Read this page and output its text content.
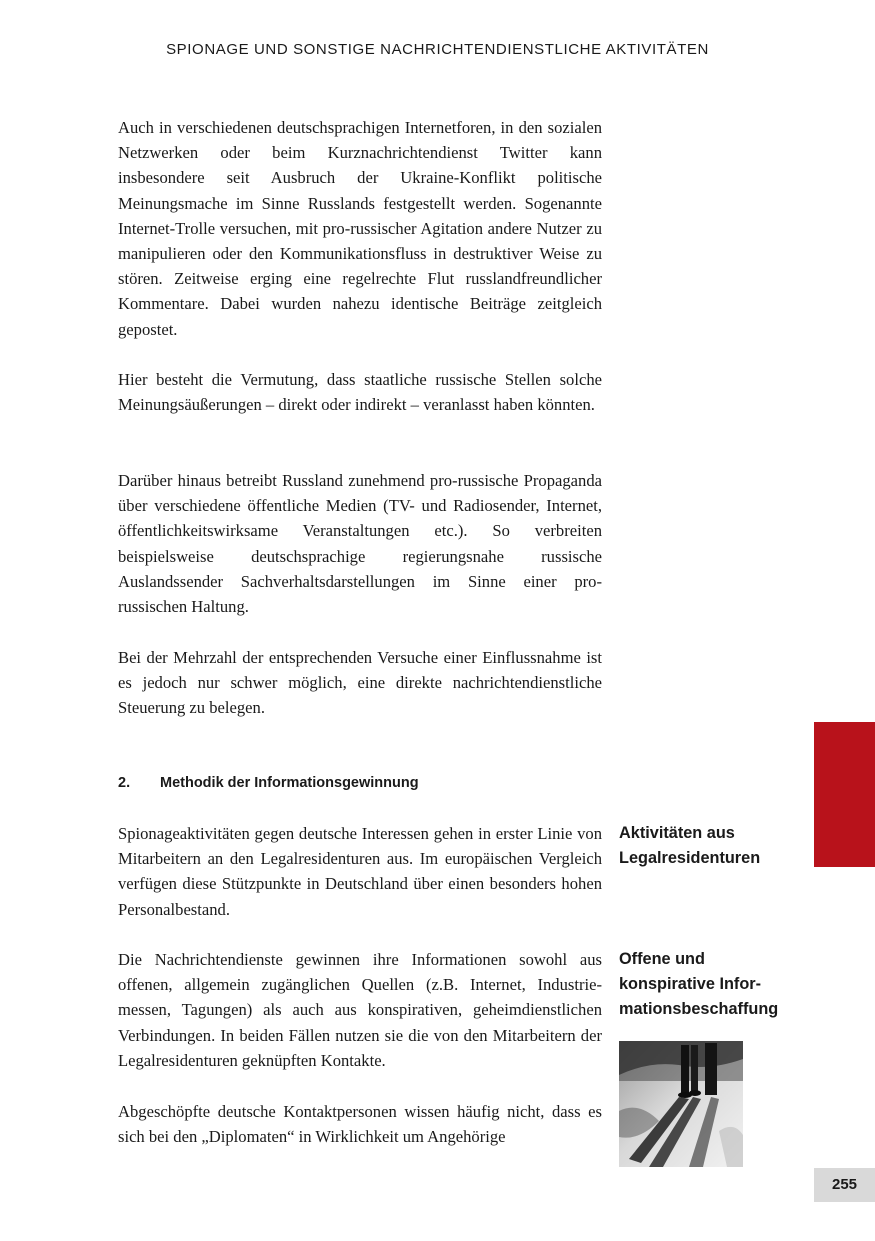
SPIONAGE UND SONSTIGE NACHRICHTENDIENSTLICHE AKTIVITÄTEN

Auch in verschiedenen deutschsprachigen Internetforen, in den sozialen Netzwerken oder beim Kurznachrichtendienst Twitter kann insbesondere seit Ausbruch der Ukraine-Konflikt politische Meinungsmache im Sinne Russlands festgestellt werden. Sogenannte Internet-Trolle versuchen, mit pro-russischer Agitation andere Nutzer zu manipulieren oder den Kommunikationsfluss in destruktiver Weise zu stören. Zeitweise erging eine regelrechte Flut russlandfreundlicher Kommentare. Dabei wurden nahezu identische Beiträge zeitgleich gepostet.

Hier besteht die Vermutung, dass staatliche russische Stellen solche Meinungsäußerungen – direkt oder indirekt – veranlasst haben könnten.

Darüber hinaus betreibt Russland zunehmend pro-russische Propaganda über verschiedene öffentliche Medien (TV- und Radiosender, Internet, öffentlichkeitswirksame Veranstaltungen etc.). So verbreiten beispielsweise deutschsprachige regierungsnahe russische Auslandssender Sachverhaltsdarstellungen im Sinne einer pro-russischen Haltung.

Bei der Mehrzahl der entsprechenden Versuche einer Einflussnahme ist es jedoch nur schwer möglich, eine direkte nachrichtendienstliche Steuerung zu belegen.

2. Methodik der Informationsgewinnung

Spionageaktivitäten gegen deutsche Interessen gehen in erster Linie von Mitarbeitern an den Legalresidenturen aus. Im europäischen Vergleich verfügen diese Stützpunkte in Deutschland über einen besonders hohen Personalbestand.

Die Nachrichtendienste gewinnen ihre Informationen sowohl aus offenen, allgemein zugänglichen Quellen (z.B. Internet, Industriemessen, Tagungen) als auch aus konspirativen, geheimdienstlichen Verbindungen. In beiden Fällen nutzen sie die von den Mitarbeitern der Legalresidenturen geknüpften Kontakte.

Abgeschöpfte deutsche Kontaktpersonen wissen häufig nicht, dass es sich bei den „Diplomaten“ in Wirklichkeit um Angehörige

Aktivitäten aus Legalresidenturen

Offene und konspirative Informationsbeschaffung

255
